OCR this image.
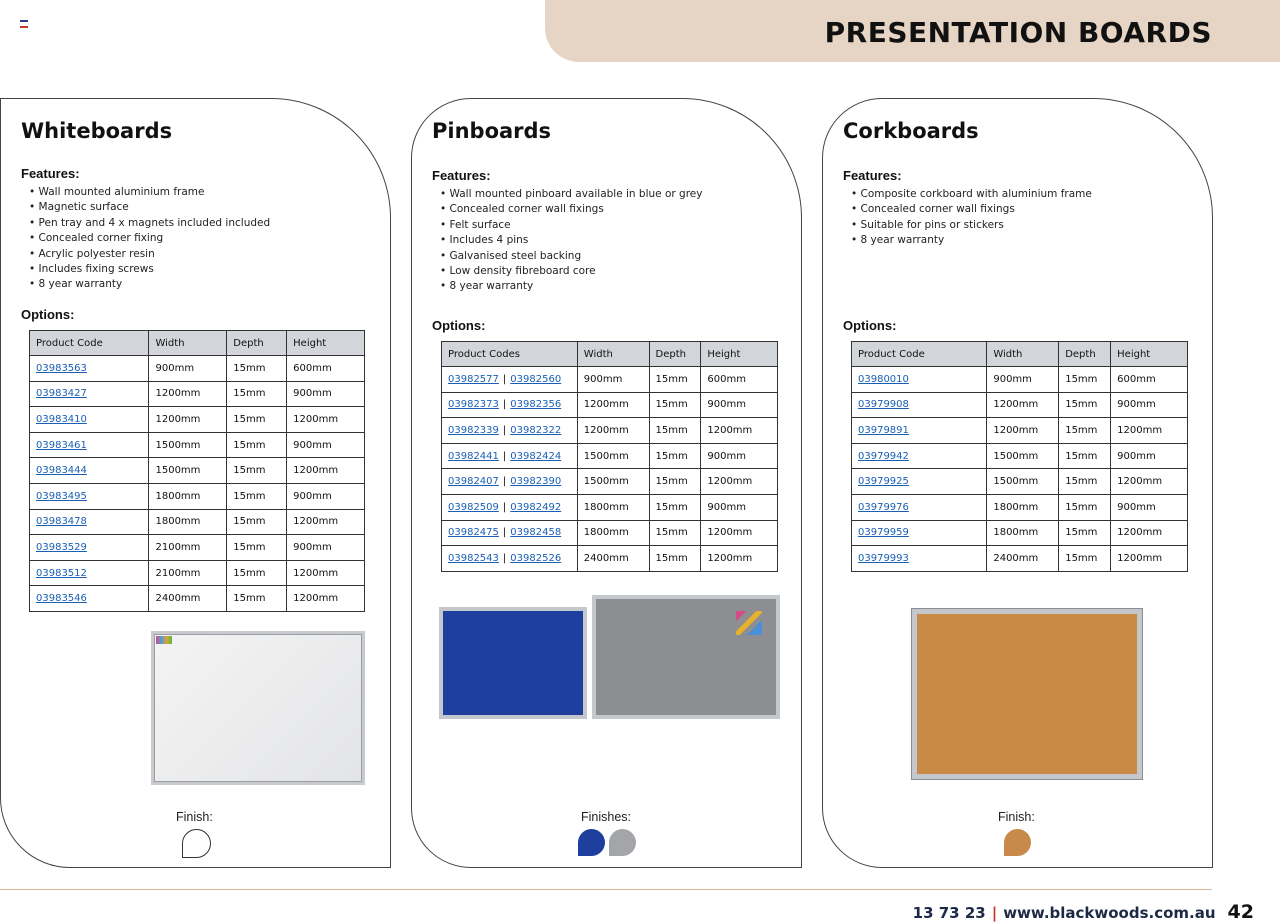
PRESENTATION BOARDS
Whiteboards
Features:
• Wall mounted aluminium frame
• Magnetic surface
• Pen tray and 4 x magnets included included
• Concealed corner fixing
• Acrylic polyester resin
• Includes fixing screws
• 8 year warranty
Options:
Product Code	Width	Depth	Height
03983563	900mm	15mm	600mm
03983427	1200mm	15mm	900mm
03983410	1200mm	15mm	1200mm
03983461	1500mm	15mm	900mm
03983444	1500mm	15mm	1200mm
03983495	1800mm	15mm	900mm
03983478	1800mm	15mm	1200mm
03983529	2100mm	15mm	900mm
03983512	2100mm	15mm	1200mm
03983546	2400mm	15mm	1200mm
Finish:
Pinboards
Features:
• Wall mounted pinboard available in blue or grey
• Concealed corner wall fixings
• Felt surface
• Includes 4 pins
• Galvanised steel backing
• Low density fibreboard core
• 8 year warranty
Options:
Product Codes	Width	Depth	Height
03982577 | 03982560	900mm	15mm	600mm
03982373 | 03982356	1200mm	15mm	900mm
03982339 | 03982322	1200mm	15mm	1200mm
03982441 | 03982424	1500mm	15mm	900mm
03982407 | 03982390	1500mm	15mm	1200mm
03982509 | 03982492	1800mm	15mm	900mm
03982475 | 03982458	1800mm	15mm	1200mm
03982543 | 03982526	2400mm	15mm	1200mm
Finishes:
Corkboards
Features:
• Composite corkboard with aluminium frame
• Concealed corner wall fixings
• Suitable for pins or stickers
• 8 year warranty
Options:
Product Code	Width	Depth	Height
03980010	900mm	15mm	600mm
03979908	1200mm	15mm	900mm
03979891	1200mm	15mm	1200mm
03979942	1500mm	15mm	900mm
03979925	1500mm	15mm	1200mm
03979976	1800mm	15mm	900mm
03979959	1800mm	15mm	1200mm
03979993	2400mm	15mm	1200mm
Finish:
13 73 23 | www.blackwoods.com.au 42
